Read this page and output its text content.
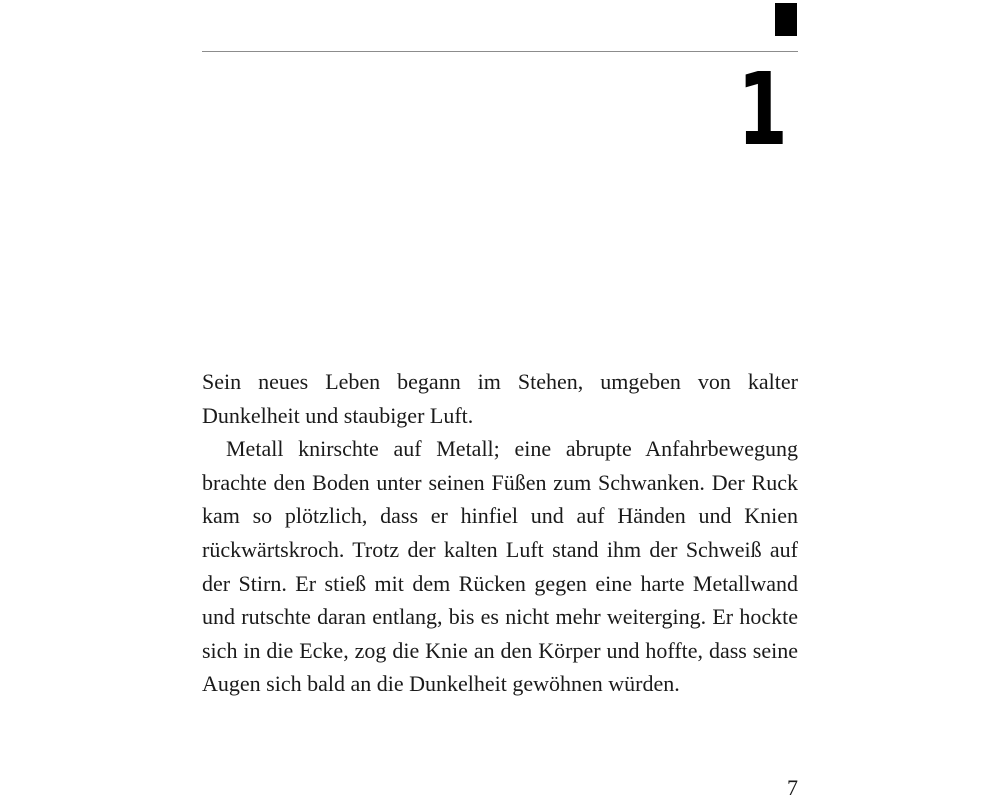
1

Sein neues Leben begann im Stehen, umgeben von kalter Dunkelheit und staubiger Luft.

Metall knirschte auf Metall; eine abrupte Anfahrbewegung brachte den Boden unter seinen Füßen zum Schwanken. Der Ruck kam so plötzlich, dass er hinfiel und auf Händen und Knien rückwärtskroch. Trotz der kalten Luft stand ihm der Schweiß auf der Stirn. Er stieß mit dem Rücken gegen eine harte Metallwand und rutschte daran entlang, bis es nicht mehr weiterging. Er hockte sich in die Ecke, zog die Knie an den Körper und hoffte, dass seine Augen sich bald an die Dunkelheit gewöhnen würden.

7
